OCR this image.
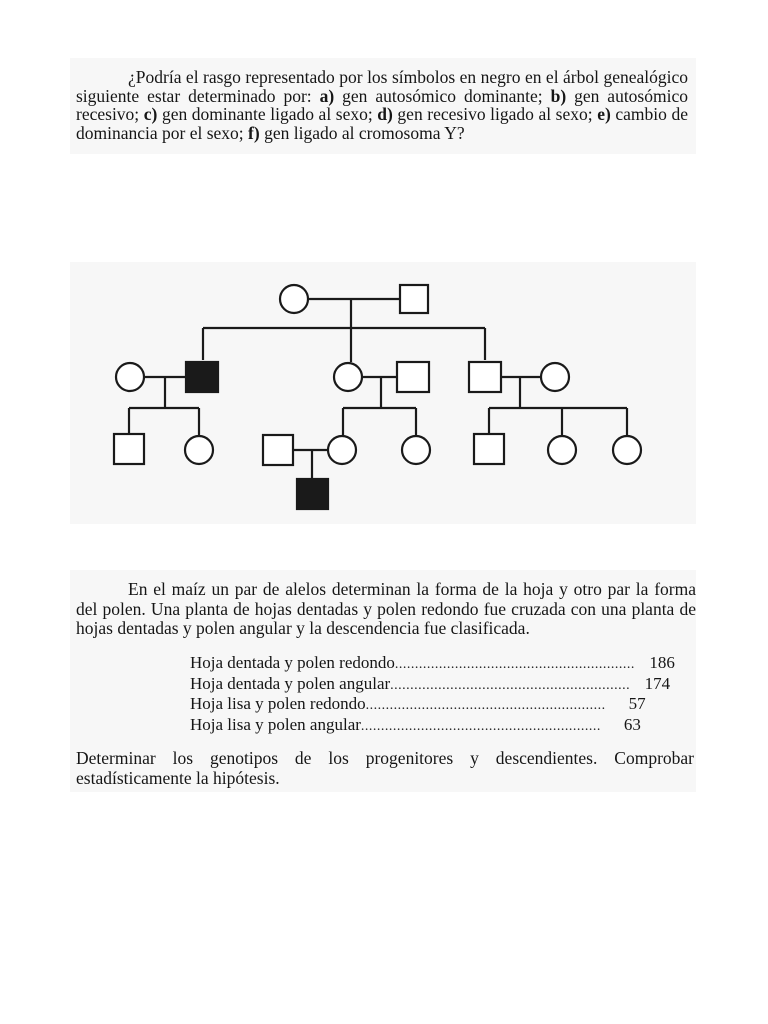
¿Podría el rasgo representado por los símbolos en negro en el árbol genealógico siguiente estar determinado por: a) gen autosómico dominante; b) gen autosómico recesivo; c) gen dominante ligado al sexo; d) gen recesivo ligado al sexo; e) cambio de dominancia por el sexo; f) gen ligado al cromosoma Y?

En el maíz un par de alelos determinan la forma de la hoja y otro par la forma del polen. Una planta de hojas dentadas y polen redondo fue cruzada con una planta de hojas dentadas y polen angular y la descendencia fue clasificada.

Hoja dentada y polen redondo ............................................................ 186
Hoja dentada y polen angular ............................................................ 174
Hoja lisa y polen redondo ............................................................	57
Hoja lisa y polen angular ............................................................	63

Determinar los genotipos de los progenitores y descendientes. Comprobar estadísticamente la hipótesis.
